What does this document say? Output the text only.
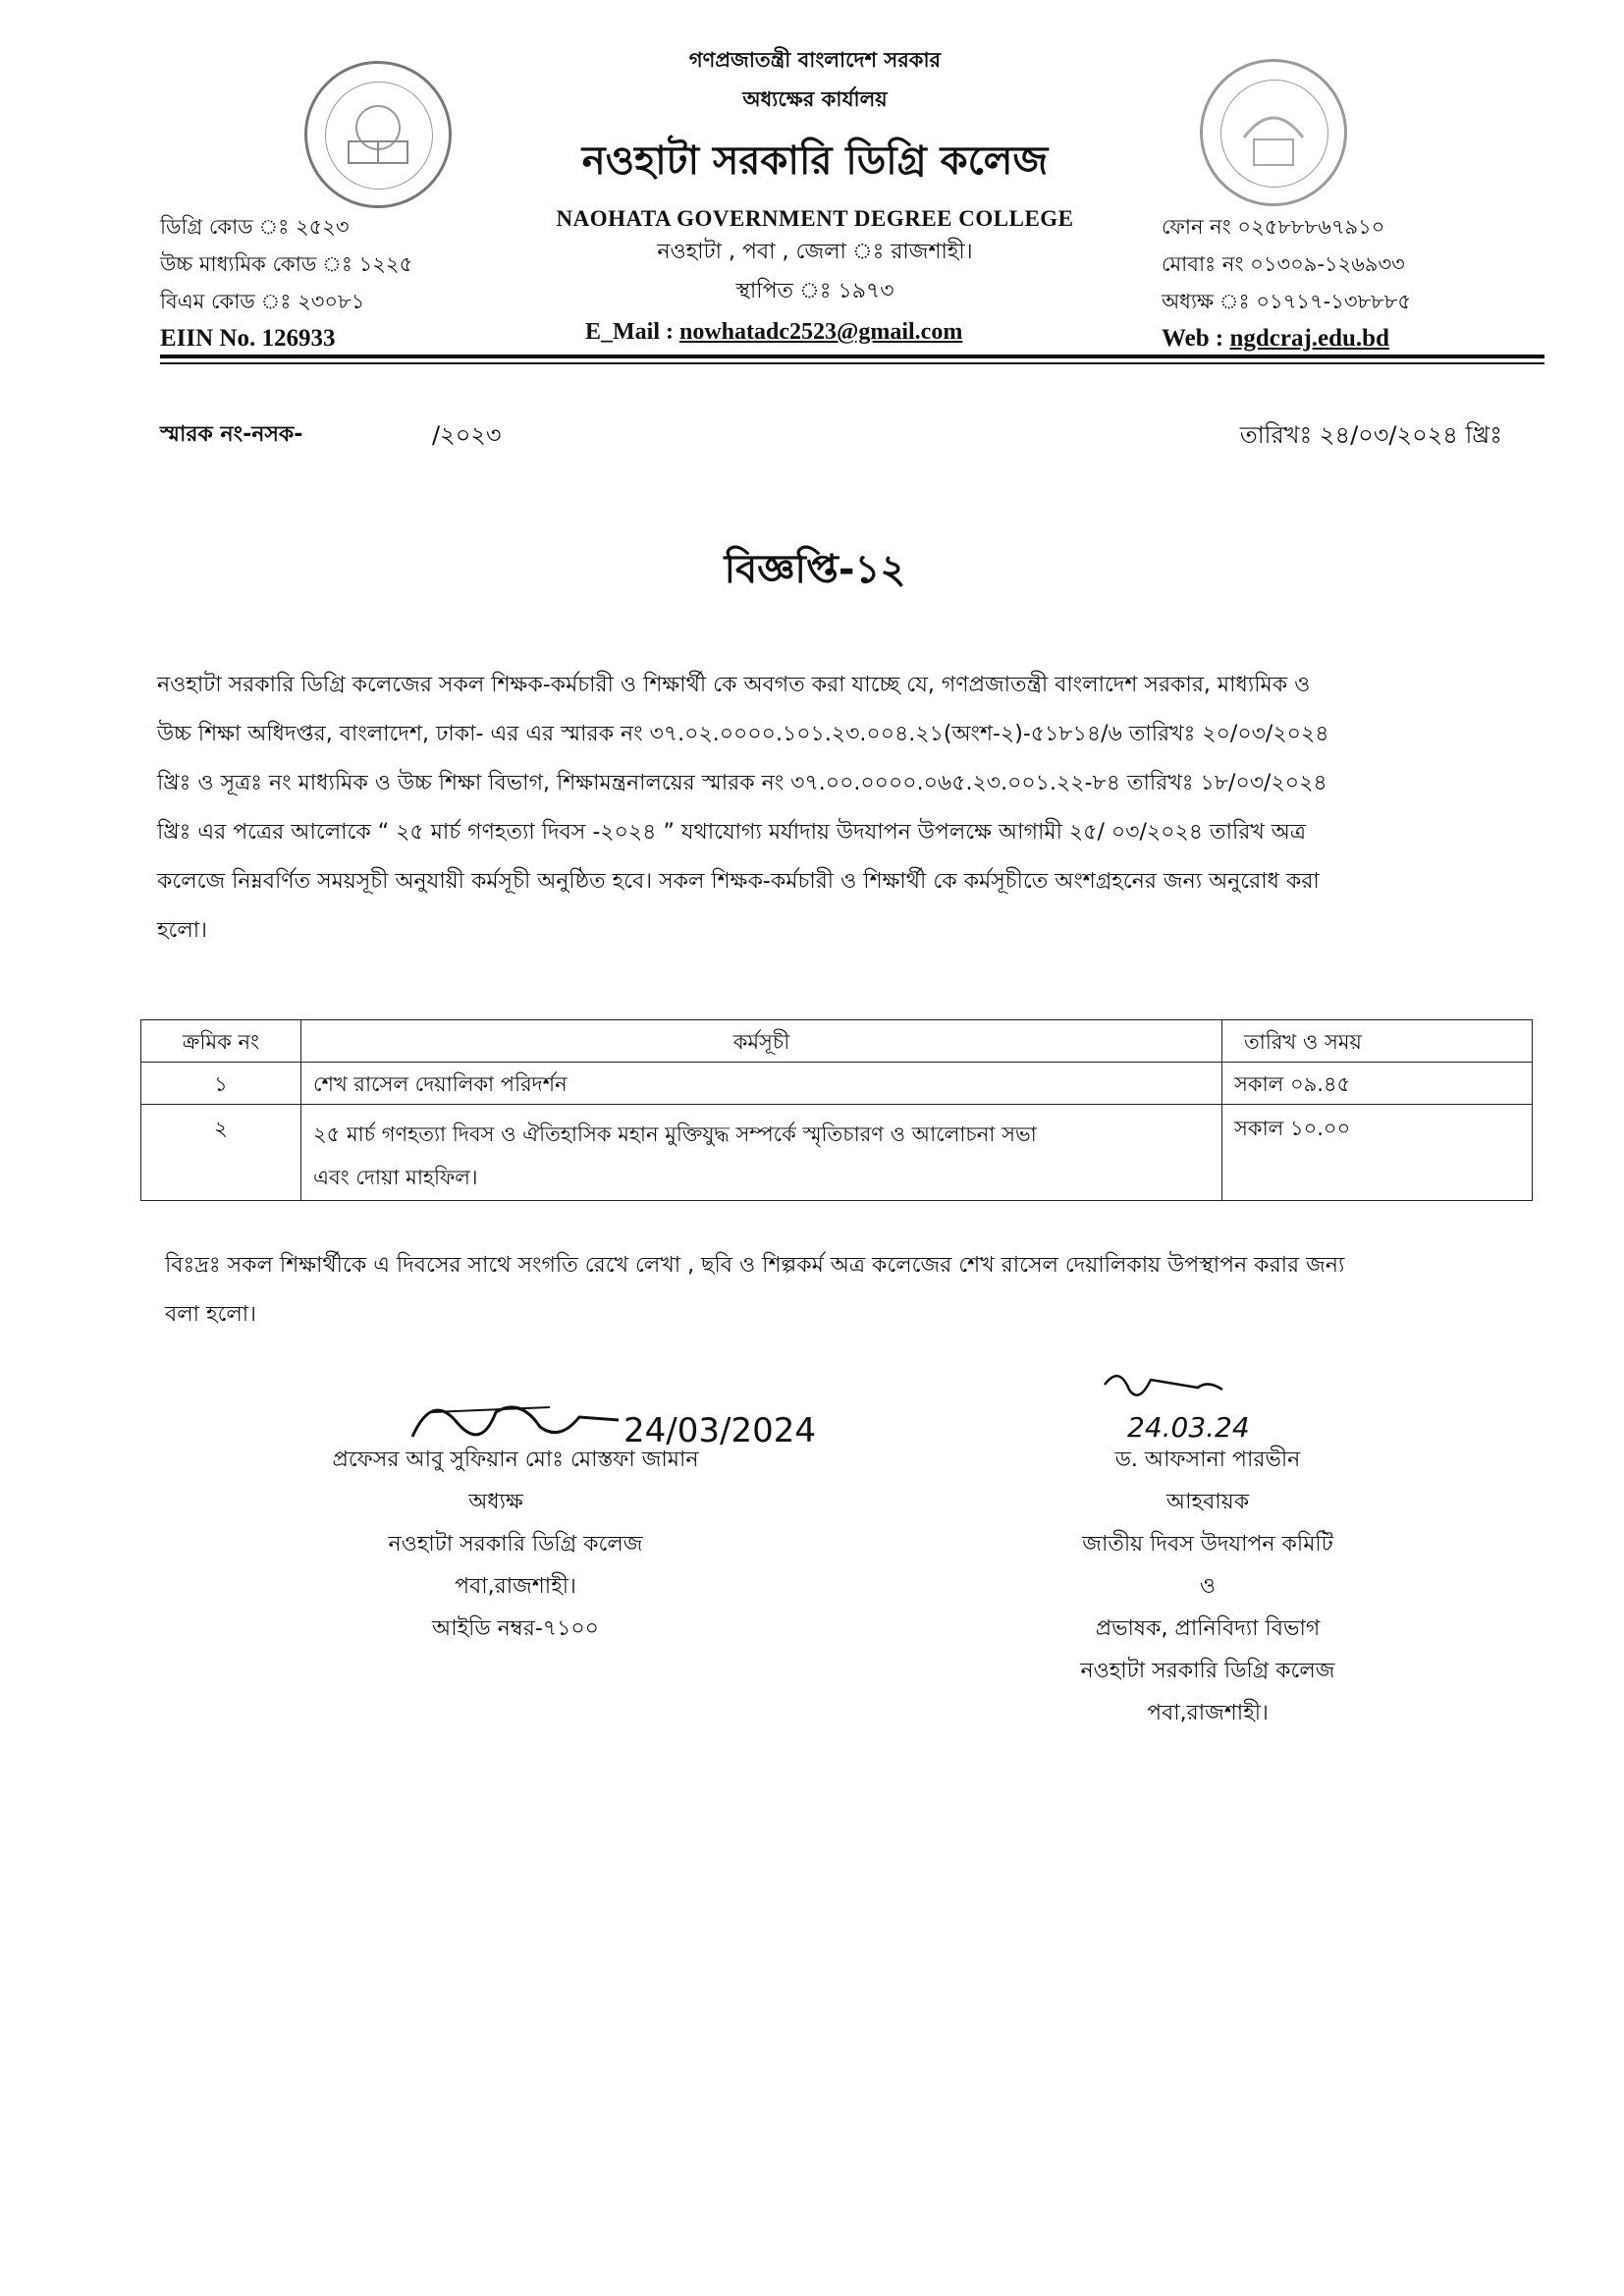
গণপ্রজাতন্ত্রী বাংলাদেশ সরকার
অধ্যক্ষের কার্যালয়
নওহাটা সরকারি ডিগ্রি কলেজ
NAOHATA GOVERNMENT DEGREE COLLEGE
নওহাটা , পবা , জেলা ঃ রাজশাহী।
স্থাপিত ঃ ১৯৭৩
E_Mail : nowhatadc2523@gmail.com
ডিগ্রি কোড ঃ ২৫২৩
উচ্চ মাধ্যমিক কোড ঃ ১২২৫
বিএম কোড ঃ ২৩০৮১
EIIN No. 126933
ফোন নং ০২৫৮৮৮৬৭৯১০
মোবাঃ নং ০১৩০৯-১২৬৯৩৩
অধ্যক্ষ ঃ ০১৭১৭-১৩৮৮৮৫
Web : ngdcraj.edu.bd
স্মারক নং-নসক-	/২০২৩	তারিখঃ ২৪/০৩/২০২৪ খ্রিঃ
বিজ্ঞপ্তি-১২
নওহাটা সরকারি ডিগ্রি কলেজের সকল শিক্ষক-কর্মচারী ও শিক্ষার্থী কে অবগত করা যাচ্ছে যে, গণপ্রজাতন্ত্রী বাংলাদেশ সরকার, মাধ্যমিক ও
উচ্চ শিক্ষা অধিদপ্তর, বাংলাদেশ, ঢাকা- এর এর স্মারক নং ৩৭.০২.০০০০.১০১.২৩.০০৪.২১(অংশ-২)-৫১৮১৪/৬ তারিখঃ ২০/০৩/২০২৪
খ্রিঃ ও সূত্রঃ নং মাধ্যমিক ও উচ্চ শিক্ষা বিভাগ, শিক্ষামন্ত্রনালয়ের স্মারক নং ৩৭.০০.০০০০.০৬৫.২৩.০০১.২২-৮৪ তারিখঃ ১৮/০৩/২০২৪
খ্রিঃ এর পত্রের আলোকে “ ২৫ মার্চ গণহত্যা দিবস -২০২৪ ” যথাযোগ্য মর্যাদায় উদযাপন উপলক্ষে আগামী ২৫/ ০৩/২০২৪ তারিখ অত্র
কলেজে নিম্নবর্ণিত সময়সূচী অনুযায়ী কর্মসূচী অনুষ্ঠিত হবে। সকল শিক্ষক-কর্মচারী ও শিক্ষার্থী কে কর্মসূচীতে অংশগ্রহনের জন্য অনুরোধ করা
হলো।
ক্রমিক নং	কর্মসূচী	তারিখ ও সময়
১	শেখ রাসেল দেয়ালিকা পরিদর্শন	সকাল ০৯.৪৫
২	২৫ মার্চ গণহত্যা দিবস ও ঐতিহাসিক মহান মুক্তিযুদ্ধ সম্পর্কে স্মৃতিচারণ ও আলোচনা সভা
এবং দোয়া মাহফিল।	সকাল ১০.০০
বিঃদ্রঃ সকল শিক্ষার্থীকে এ দিবসের সাথে সংগতি রেখে লেখা , ছবি ও শিল্পকর্ম অত্র কলেজের শেখ রাসেল দেয়ালিকায় উপস্থাপন করার জন্য
বলা হলো।
24/03/2024
প্রফেসর আবু সুফিয়ান মোঃ মোস্তফা জামান
অধ্যক্ষ
নওহাটা সরকারি ডিগ্রি কলেজ
পবা,রাজশাহী।
আইডি নম্বর-৭১০০
24.03.24
ড. আফসানা পারভীন
আহবায়ক
জাতীয় দিবস উদযাপন কমিটি
ও
প্রভাষক, প্রানিবিদ্যা বিভাগ
নওহাটা সরকারি ডিগ্রি কলেজ
পবা,রাজশাহী।
